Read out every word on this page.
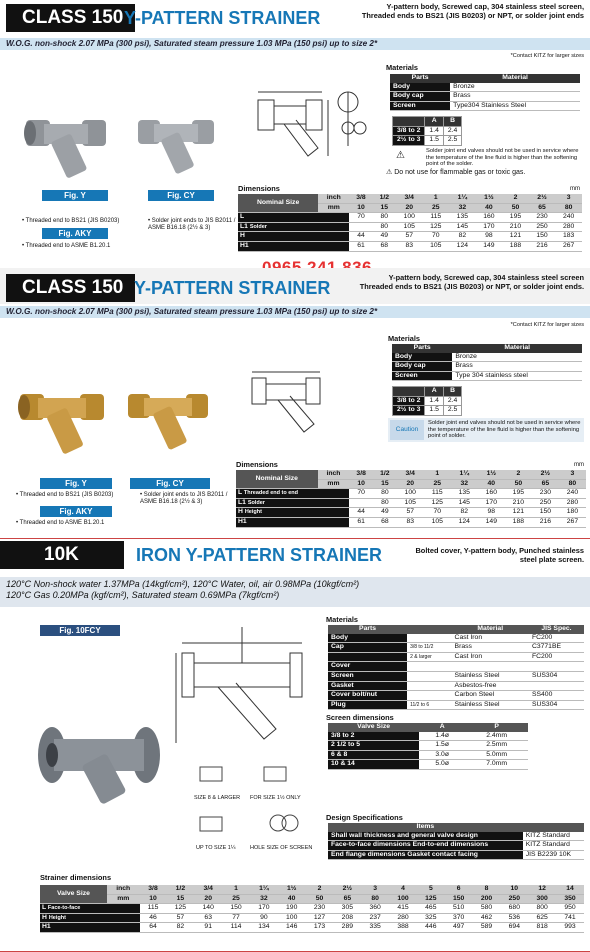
CLASS 150 Y-PATTERN STRAINER
Y-pattern body, Screwed cap, 304 stainless steel screen, Threaded ends to BS21 (JIS B0203) or NPT, or solder joint ends
W.O.G. non-shock 2.07 MPa (300 psi), Saturated steam pressure 1.03 MPa (150 psi) up to size 2*
*Contact KITZ for larger sizes
Fig. Y	Fig. CY
• Threaded end to BS21 (JIS B0203)	• Solder joint ends to JIS B2011 / ASME B16.18 (2½ & 3)
Fig. AKY
• Threaded end to ASME B1.20.1
Materials
Parts	Material
Body	Bronze
Body cap	Brass
Screen	Type304 Stainless Steel
	A	B
3/8 to 2	1.4	2.4
2½ to 3	1.5	2.5
⚠	Solder joint end valves should not be used in service where the temperature of the line fluid is higher than the softening point of the solder.
⚠ Do not use for flammable gas or toxic gas.
Dimensions	mm
Nominal Size	inch	3/8	1/2	3/4	1	1¼	1½	2	2½	3
	mm	10	15	20	25	32	40	50	65	80
L		70	80	100	115	135	160	195	230	240
L1 Solder			80	105	125	145	170	210	250	280
H		44	49	57	70	82	98	121	150	183
H1		61	68	83	105	124	149	188	216	267
CLASS 150 Y-PATTERN STRAINER
Y-pattern body, Screwed cap, 304 stainless steel screen Threaded ends to BS21 (JIS B0203) or NPT, or solder joint ends.
W.O.G. non-shock 2.07 MPa (300 psi), Saturated steam pressure 1.03 MPa (150 psi) up to size 2*
*Contact KITZ for larger sizes
Fig. Y	Fig. CY
• Threaded end to BS21 (JIS B0203)	• Solder joint ends to JIS B2011 / ASME B16.18 (2½ & 3)
Fig. AKY
• Threaded end to ASME B1.20.1
Materials
Parts	Material
Body	Bronze
Body cap	Brass
Screen	Type 304 stainless steel
	A	B
3/8 to 2	1.4	2.4
2½ to 3	1.5	2.5
Caution
Solder joint end valves should not be used in service where the temperature of the line fluid is higher than the softening point of solder.
Dimensions	mm
Nominal Size	inch	3/8	1/2	3/4	1	1¼	1½	2	2½	3
	mm	10	15	20	25	32	40	50	65	80
L Threaded end to end		70	80	100	115	135	160	195	230	240
L1 Solder			80	105	125	145	170	210	250	280
H Height		44	49	57	70	82	98	121	150	180
H1		61	68	83	105	124	149	188	216	267
10K	IRON Y-PATTERN STRAINER	Bolted cover, Y-pattern body, Punched stainless steel plate screen.
120°C Non-shock water 1.37MPa (14kgf/cm²), 120°C Water, oil, air 0.98MPa (10kgf/cm²)
120°C Gas 0.20MPa (kgf/cm²), Saturated steam 0.69MPa (7kgf/cm²)
Fig. 10FCY
SIZE 8 & LARGER FOR SIZE 1½ ONLY
UP TO SIZE 1¼	HOLE SIZE OF SCREEN
Materials
Parts		Material	JIS Spec.
Body		Cast Iron	FC200
Cap	3/8 to 11/2	Brass	C3771BE
	2 & larger	Cast Iron	FC200
Cover			
Screen		Stainless Steel	SUS304
Gasket		Asbestos-free	
Cover bolt/nut		Carbon Steel	SS400
Plug	11/2 to 6	Stainless Steel	SUS304
Screen dimensions
Valve Size	A	P
3/8 to 2	1.4ø	2.4mm
2 1/2 to 5	1.5ø	2.5mm
6 & 8	3.0ø	5.0mm
10 & 14	5.0ø	7.0mm
Design Specifications
Items	
Shall wall thickness and general valve design	KITZ Standard
Face-to-face dimensions End-to-end dimensions	KITZ Standard
End flange dimensions Gasket contact facing	JIS B2239 10K
Strainer dimensions
Valve Size	inch	3/8	1/2	3/4	1	1¼	1½	2	2½	3	4	5	6	8	10	12	14
	mm	10	15	20	25	32	40	50	65	80	100	125	150	200	250	300	350
L Face-to-face		115	125	140	150	170	190	230	305	360	415	465	510	580	680	800	950
H Height		46	57	63	77	90	100	127	208	237	280	325	370	462	536	625	741
H1		64	82	91	114	134	146	173	289	335	388	446	497	589	694	818	993
